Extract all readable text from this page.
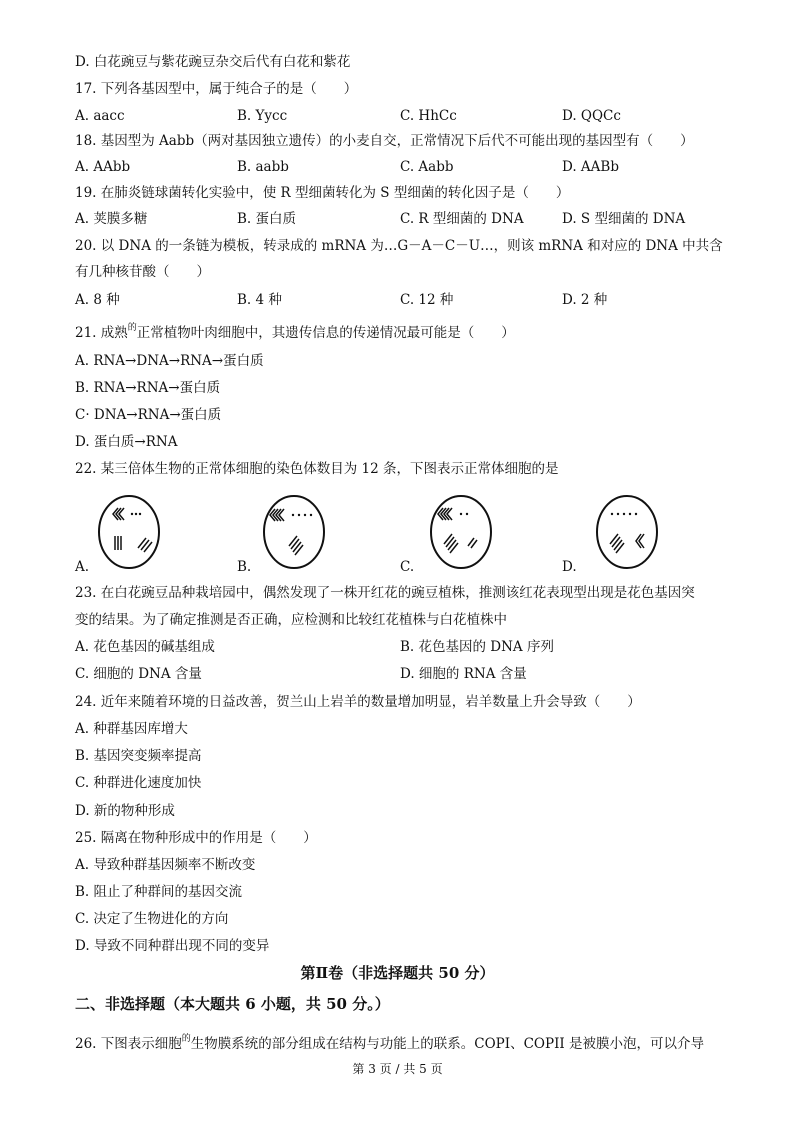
D. 白花豌豆与紫花豌豆杂交后代有白花和紫花
17. 下列各基因型中，属于纯合子的是（　　）
A. aacc	B. Yycc	C. HhCc	D. QQCc
18. 基因型为 Aabb（两对基因独立遗传）的小麦自交，正常情况下后代不可能出现的基因型有（　　）
A. AAbb	B. aabb	C. Aabb	D. AABb
19. 在肺炎链球菌转化实验中，使 R 型细菌转化为 S 型细菌的转化因子是（　　）
A. 荚膜多糖	B. 蛋白质	C. R 型细菌的 DNA	D. S 型细菌的 DNA
20. 以 DNA 的一条链为模板，转录成的 mRNA 为…G－A－C－U…，则该 mRNA 和对应的 DNA 中共含
有几种核苷酸（　　）
A. 8 种	B. 4 种	C. 12 种	D. 2 种
21. 成熟$^的$正常植物叶肉细胞中，其遗传信息的传递情况最可能是（　　）
A. RNA→DNA→RNA→蛋白质
B. RNA→RNA→蛋白质
C· DNA→RNA→蛋白质
D. 蛋白质→RNA
22. 某三倍体生物的正常体细胞的染色体数目为 12 条，下图表示正常体细胞的是
A.	B.	C.	D.
23. 在白花豌豆品种栽培园中，偶然发现了一株开红花的豌豆植株，推测该红花表现型出现是花色基因突
变的结果。为了确定推测是否正确，应检测和比较红花植株与白花植株中
A. 花色基因的碱基组成	B. 花色基因的 DNA 序列
C. 细胞的 DNA 含量	D. 细胞的 RNA 含量
24. 近年来随着环境的日益改善，贺兰山上岩羊的数量增加明显，岩羊数量上升会导致（　　）
A. 种群基因库增大
B. 基因突变频率提高
C. 种群进化速度加快
D. 新的物种形成
25. 隔离在物种形成中的作用是（　　）
A. 导致种群基因频率不断改变
B. 阻止了种群间的基因交流
C. 决定了生物进化的方向
D. 导致不同种群出现不同的变异
第Ⅱ卷（非选择题共 50 分）
二、非选择题（本大题共 6 小题，共 50 分。）
26. 下图表示细胞$^的$生物膜系统的部分组成在结构与功能上的联系。COPI、COPII 是被膜小泡，可以介导
第 3 页 / 共 5 页
